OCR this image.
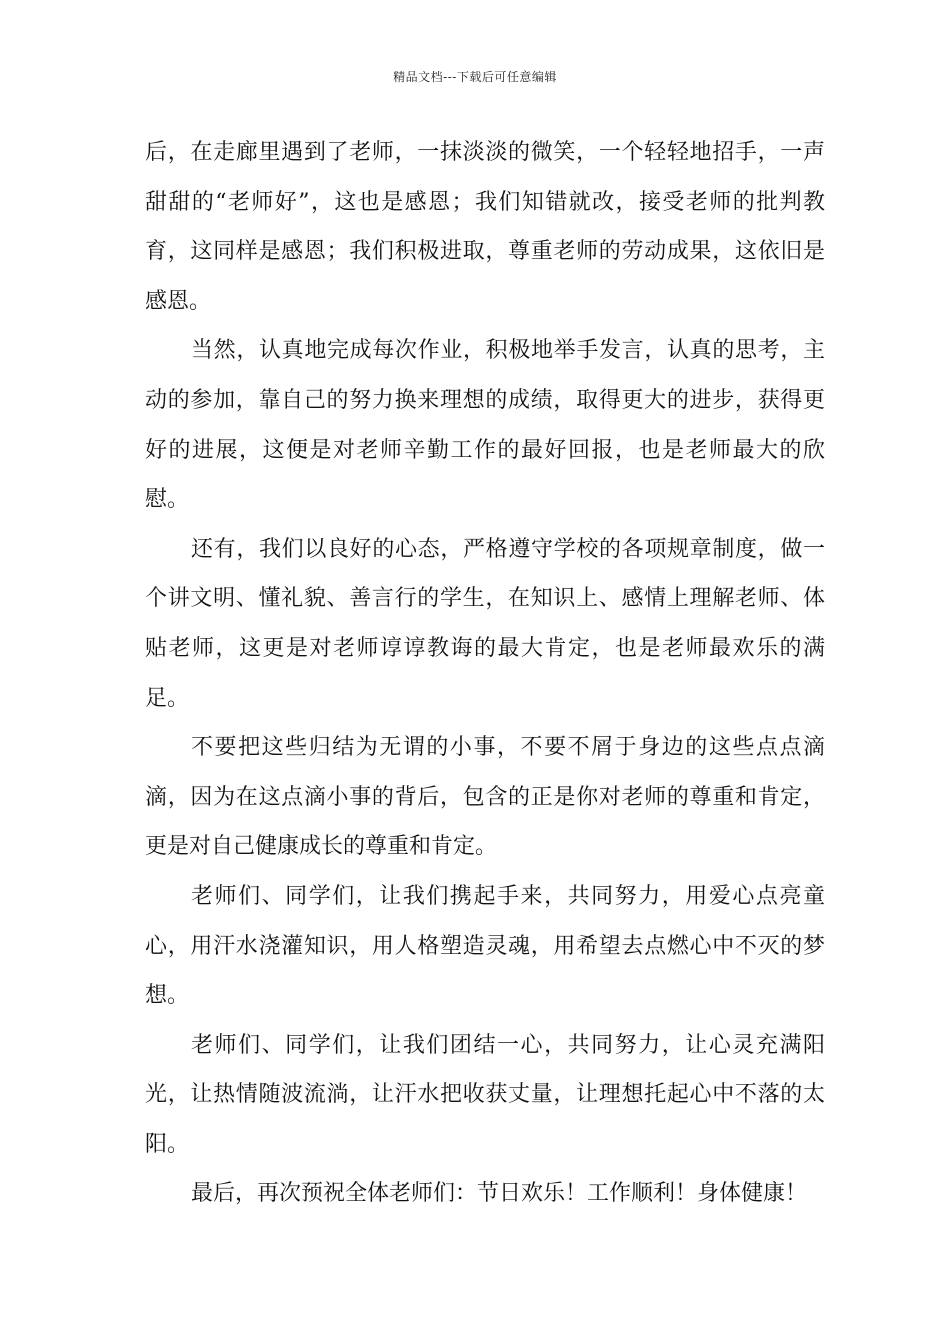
精品文档---下载后可任意编辑

后，在走廊里遇到了老师，一抹淡淡的微笑，一个轻轻地招手，一声甜甜的“老师好”，这也是感恩；我们知错就改，接受老师的批判教育，这同样是感恩；我们积极进取，尊重老师的劳动成果，这依旧是感恩。

当然，认真地完成每次作业，积极地举手发言，认真的思考，主动的参加，靠自己的努力换来理想的成绩，取得更大的进步，获得更好的进展，这便是对老师辛勤工作的最好回报，也是老师最大的欣慰。

还有，我们以良好的心态，严格遵守学校的各项规章制度，做一个讲文明、懂礼貌、善言行的学生，在知识上、感情上理解老师、体贴老师，这更是对老师谆谆教诲的最大肯定，也是老师最欢乐的满足。

不要把这些归结为无谓的小事，不要不屑于身边的这些点点滴滴，因为在这点滴小事的背后，包含的正是你对老师的尊重和肯定，更是对自己健康成长的尊重和肯定。

老师们、同学们，让我们携起手来，共同努力，用爱心点亮童心，用汗水浇灌知识，用人格塑造灵魂，用希望去点燃心中不灭的梦想。

老师们、同学们，让我们团结一心，共同努力，让心灵充满阳光，让热情随波流淌，让汗水把收获丈量，让理想托起心中不落的太阳。

最后，再次预祝全体老师们：节日欢乐！工作顺利！身体健康！
